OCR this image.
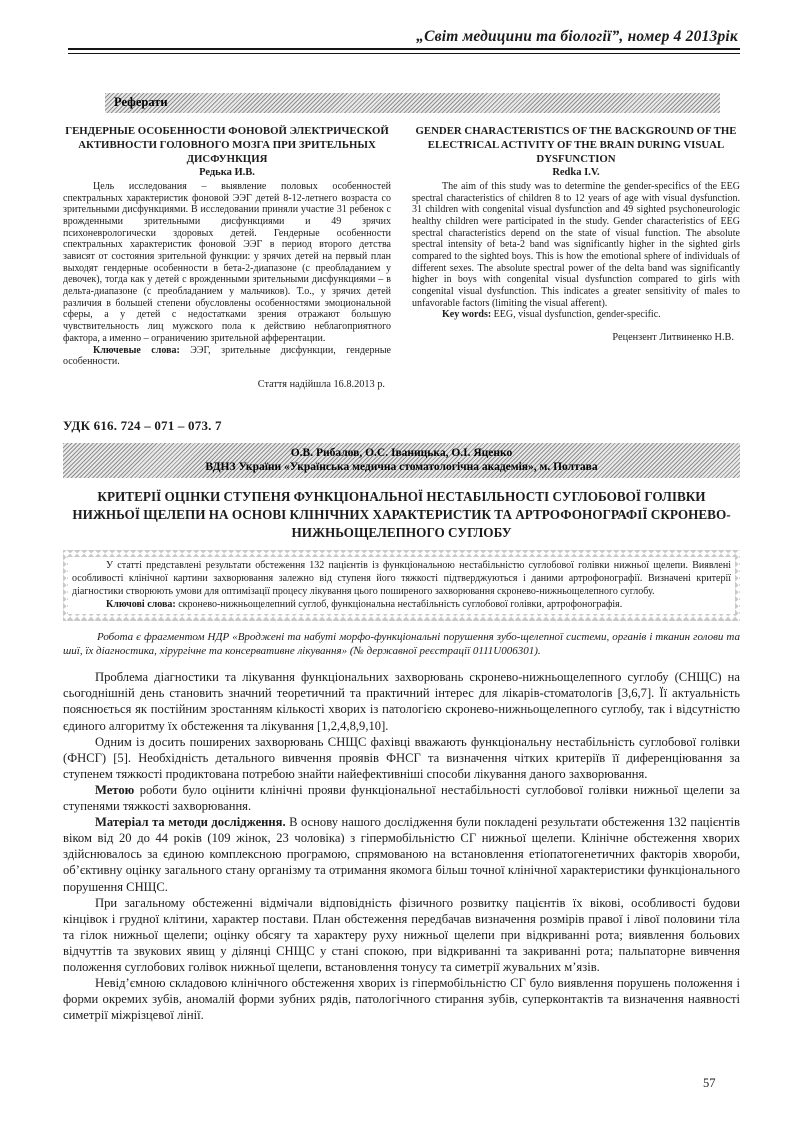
„Світ медицини та біології”, номер 4 2013рік
Реферати
ГЕНДЕРНЫЕ ОСОБЕННОСТИ ФОНОВОЙ ЭЛЕКТРИЧЕСКОЙ АКТИВНОСТИ ГОЛОВНОГО МОЗГА ПРИ ЗРИТЕЛЬНЫХ ДИСФУНКЦИЯ
Редька И.В.

Цель исследования – выявление половых особенностей спектральных характеристик фоновой ЭЭГ детей 8-12-летнего возраста со зрительными дисфункциями. В исследовании приняли участие 31 ребенок с врожденными зрительными дисфункциями и 49 зрячих психоневрологически здоровых детей. Гендерные особенности спектральных характеристик фоновой ЭЭГ в период второго детства зависят от состояния зрительной функции: у зрячих детей на первый план выходят гендерные особенности в бета-2-диапазоне (с преобладанием у девочек), тогда как у детей с врожденными зрительными дисфункциями – в дельта-диапазоне (с преобладанием у мальчиков). Т.о., у зрячих детей различия в большей степени обусловлены особенностями эмоциональной сферы, а у детей с недостатками зрения отражают большую чувствительность лиц мужского пола к действию неблагоприятного фактора, а именно – ограничению зрительной афферентации.

Ключевые слова: ЭЭГ, зрительные дисфункции, гендерные особенности.

Стаття надійшла 16.8.2013 р.
GENDER CHARACTERISTICS OF THE BACKGROUND OF THE ELECTRICAL ACTIVITY OF THE BRAIN DURING VISUAL DYSFUNCTION
Redka I.V.

The aim of this study was to determine the gender-specifics of the EEG spectral characteristics of children 8 to 12 years of age with visual dysfunction. 31 children with congenital visual dysfunction and 49 sighted psychoneurologic healthy children were participated in the study. Gender characteristics of EEG spectral characteristics depend on the state of visual function. The absolute spectral intensity of beta-2 band was significantly higher in the sighted girls compared to the sighted boys. This is how the emotional sphere of individuals of different sexes. The absolute spectral power of the delta band was significantly higher in boys with congenital visual dysfunction compared to girls with congenital visual dysfunction. This indicates a greater sensitivity of males to unfavorable factors (limiting the visual afferent).

Key words: EEG, visual dysfunction, gender-specific.

Рецензент Литвиненко Н.В.
УДК 616. 724 – 071 – 073. 7
О.В. Рибалов, О.С. Іваницька, О.І. Яценко
ВДНЗ України «Українська медична стоматологічна академія», м. Полтава
КРИТЕРІЇ ОЦІНКИ СТУПЕНЯ ФУНКЦІОНАЛЬНОЇ НЕСТАБІЛЬНОСТІ СУГЛОБОВОЇ ГОЛІВКИ НИЖНЬОЇ ЩЕЛЕПИ НА ОСНОВІ КЛІНІЧНИХ ХАРАКТЕРИСТИК ТА АРТРОФОНОГРАФІЇ СКРОНЕВО-НИЖНЬОЩЕЛЕПНОГО СУГЛОБУ

У статті представлені результати обстеження 132 пацієнтів із функціональною нестабільністю суглобової голівки нижньої щелепи. Виявлені особливості клінічної картини захворювання залежно від ступеня його тяжкості підтверджуються і даними артрофонографії. Визначені критерії діагностики створюють умови для оптимізації процесу лікування цього поширеного захворювання скронево-нижньощелепного суглобу.

Ключові слова: скронево-нижньощелепний суглоб, функціональна нестабільність суглобової голівки, артрофонографія.

Робота є фрагментом НДР «Вроджені та набуті морфо-функціональні порушення зубо-щелепної системи, органів і тканин голови та шиї, їх діагностика, хірургічне та консервативне лікування» (№ державної реєстрації 0111U006301).

Проблема діагностики та лікування функціональних захворювань скронево-нижньощелепного суглобу (СНЩС) на сьогоднішній день становить значний теоретичний та практичний інтерес для лікарів-стоматологів [3,6,7]. Її актуальність пояснюється як постійним зростанням кількості хворих із патологією скронево-нижньощелепного суглобу, так і відсутністю єдиного алгоритму їх обстеження та лікування [1,2,4,8,9,10].

Одним із досить поширених захворювань СНЩС фахівці вважають функціональну нестабільність суглобової голівки (ФНСГ) [5]. Необхідність детального вивчення проявів ФНСГ та визначення чітких критеріїв її диференціювання за ступенем тяжкості продиктована потребою знайти найефективніші способи лікування даного захворювання.

Метою роботи було оцінити клінічні прояви функціональної нестабільності суглобової голівки нижньої щелепи за ступенями тяжкості захворювання.

Матеріал та методи дослідження. В основу нашого дослідження були покладені результати обстеження 132 пацієнтів віком від 20 до 44 років (109 жінок, 23 чоловіка) з гіпермобільністю СГ нижньої щелепи. Клінічне обстеження хворих здійснювалось за єдиною комплексною програмою, спрямованою на встановлення етіопатогенетичних факторів хвороби, об’єктивну оцінку загального стану організму та отримання якомога більш точної клінічної характеристики функціонального порушення СНЩС.

При загальному обстеженні відмічали відповідність фізичного розвитку пацієнтів їх вікові, особливості будови кінцівок і грудної клітини, характер постави. План обстеження передбачав визначення розмірів правої і лівої половини тіла та гілок нижньої щелепи; оцінку обсягу та характеру руху нижньої щелепи при відкриванні рота; виявлення больових відчуттів та звукових явищ у ділянці СНЩС у стані спокою, при відкриванні та закриванні рота; пальпаторне вивчення положення суглобових голівок нижньої щелепи, встановлення тонусу та симетрії жувальних м’язів.

Невід’ємною складовою клінічного обстеження хворих із гіпермобільністю СГ було виявлення порушень положення і форми окремих зубів, аномалій форми зубних рядів, патологічного стирання зубів, суперконтактів та визначення наявності симетрії міжрізцевої лінії.

57
